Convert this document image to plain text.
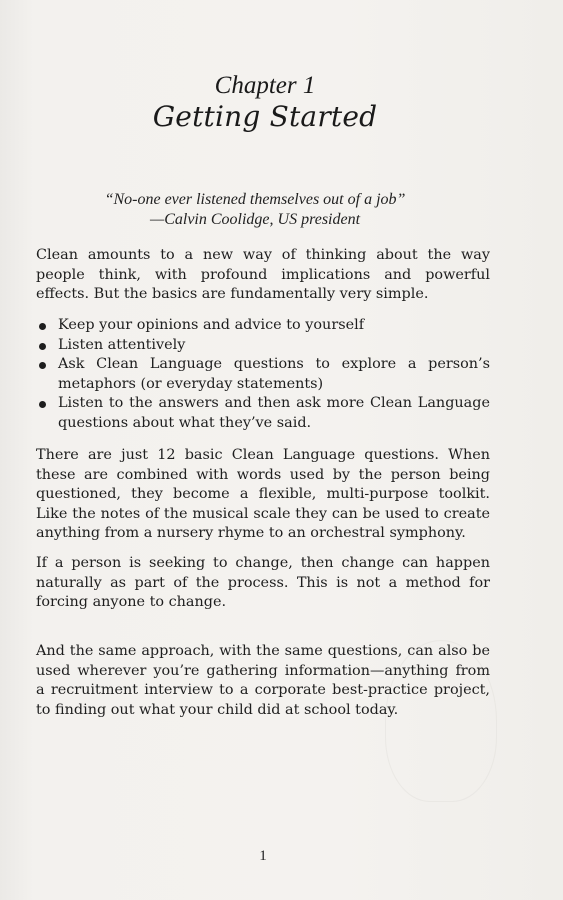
Chapter 1
Getting Started
“No-one ever listened themselves out of a job”
—Calvin Coolidge, US president

Clean amounts to a new way of thinking about the way people think, with profound implications and powerful effects. But the basics are fundamentally very simple.

Keep your opinions and advice to yourself
Listen attentively
Ask Clean Language questions to explore a person’s metaphors (or everyday statements)
Listen to the answers and then ask more Clean Language questions about what they’ve said.

There are just 12 basic Clean Language questions. When these are combined with words used by the person being questioned, they become a flexible, multi-purpose toolkit. Like the notes of the musical scale they can be used to create anything from a nursery rhyme to an orchestral symphony.

If a person is seeking to change, then change can happen naturally as part of the process. This is not a method for forcing anyone to change.

And the same approach, with the same questions, can also be used wherever you’re gathering information—anything from a recruitment interview to a corporate best-practice project, to finding out what your child did at school today.

1
